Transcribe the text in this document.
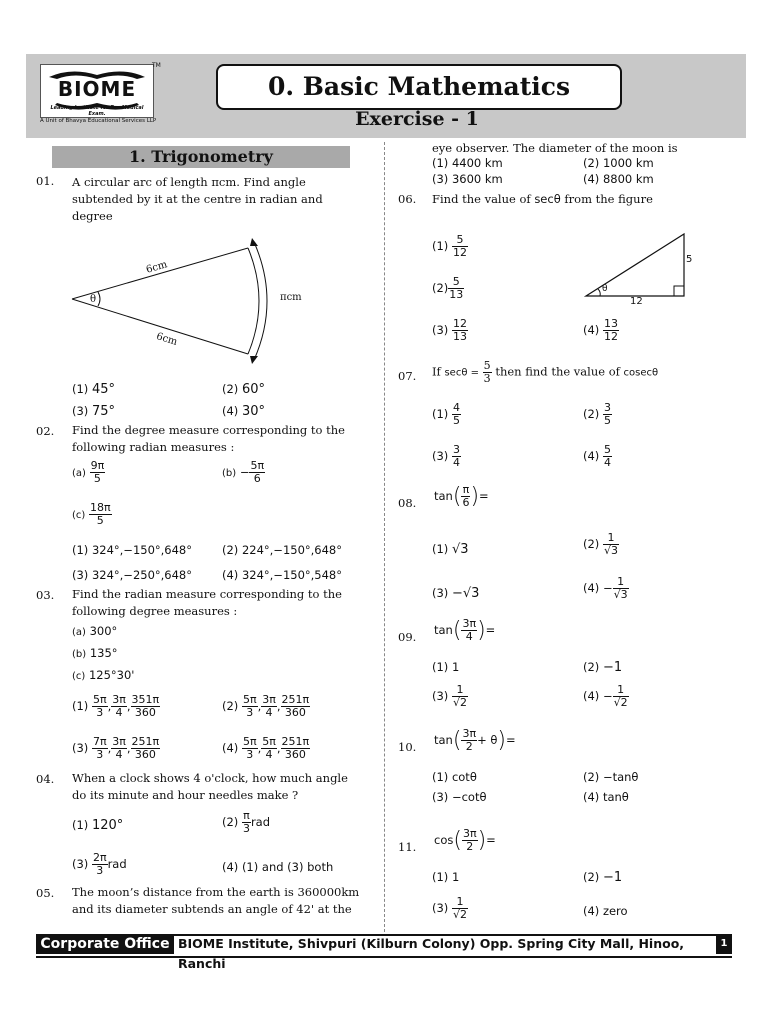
BIOME
Leading Institute for Pre-Medical Exam.
TM
A Unit of Bhavya Educational Services LLP
0. Basic Mathematics
Exercise - 1
1. Trigonometry
01. A circular arc of length πcm. Find angle
subtended by it at the centre in radian and
degree
6cm
6cm
πcm
θ
(1) 45°	(2) 60°
(3) 75°	(4) 30°
02. Find the degree measure corresponding to the
following radian measures :
$(a) \frac{9\pi}{5}$	$(b) - \frac{5\pi}{6}$
$(c) \frac{18\pi}{5}$
(1) 324°,−150°,648°	(2) 224°,−150°,648°
(3) 324°,−250°,648°	(4) 324°,−150°,548°
03. Find the radian measure corresponding to the
following degree measures :
(a) 300°
(b) 135°
(c) 125°30'
$(1) \frac{5\pi}{3}$ , $\frac{3\pi}{4}$ , $\frac{351\pi}{360}$	$(2) \frac{5\pi}{3}$ , $\frac{3\pi}{4}$ , $\frac{251\pi}{360}$
$(3) \frac{7\pi}{3}$ , $\frac{3\pi}{4}$ , $\frac{251\pi}{360}$	$(4) \frac{5\pi}{3}$ , $\frac{5\pi}{4}$ , $\frac{251\pi}{360}$
04. When a clock shows 4 o'clock, how much angle
do its minute and hour needles make ?
(1) 120°	$(2) \frac{\pi}{3}$ rad
$(3) \frac{2\pi}{3}$ rad	(4) (1) and (3) both
05. The moon’s distance from the earth is 360000km
and its diameter subtends an angle of 42' at the
eye observer. The diameter of the moon is
(1) 4400 km	(2) 1000 km
(3) 3600 km	(4) 8800 km
06. Find the value of secθ from the figure
5
12
θ
$(1) \frac{5}{12}$
$(2) \frac{5}{13}$
$(3) \frac{12}{13}$	$(4) \frac{13}{12}$
07. If $\sec\theta = \frac{5}{3}$ then find the value of cosecθ
$(1) \frac{4}{5}$	$(2) \frac{3}{5}$
$(3) \frac{3}{4}$	$(4) \frac{5}{4}$
08. $\tan( \frac{\pi}{6}$ )=
(1) √3	$(2) \frac{1}{√3}$
(3) −√3	$(4) - \frac{1}{√3}$
09. $\tan( \frac{3\pi}{4}$ )=
(1) 1	(2) −1
$(3) \frac{1}{√2}$	$(4) - \frac{1}{√2}$
10. $\tan( \frac{3\pi}{2} + \theta)=$
(1) cotθ	(2) −tanθ
(3) −cotθ	(4) tanθ
11. $\cos( \frac{3\pi}{2}$ )=
(1) 1	(2) −1
$(3) \frac{1}{√2}$	(4) zero
Corporate Office BIOME Institute, Shivpuri (Kilburn Colony) Opp. Spring City Mall, Hinoo, Ranchi
1
